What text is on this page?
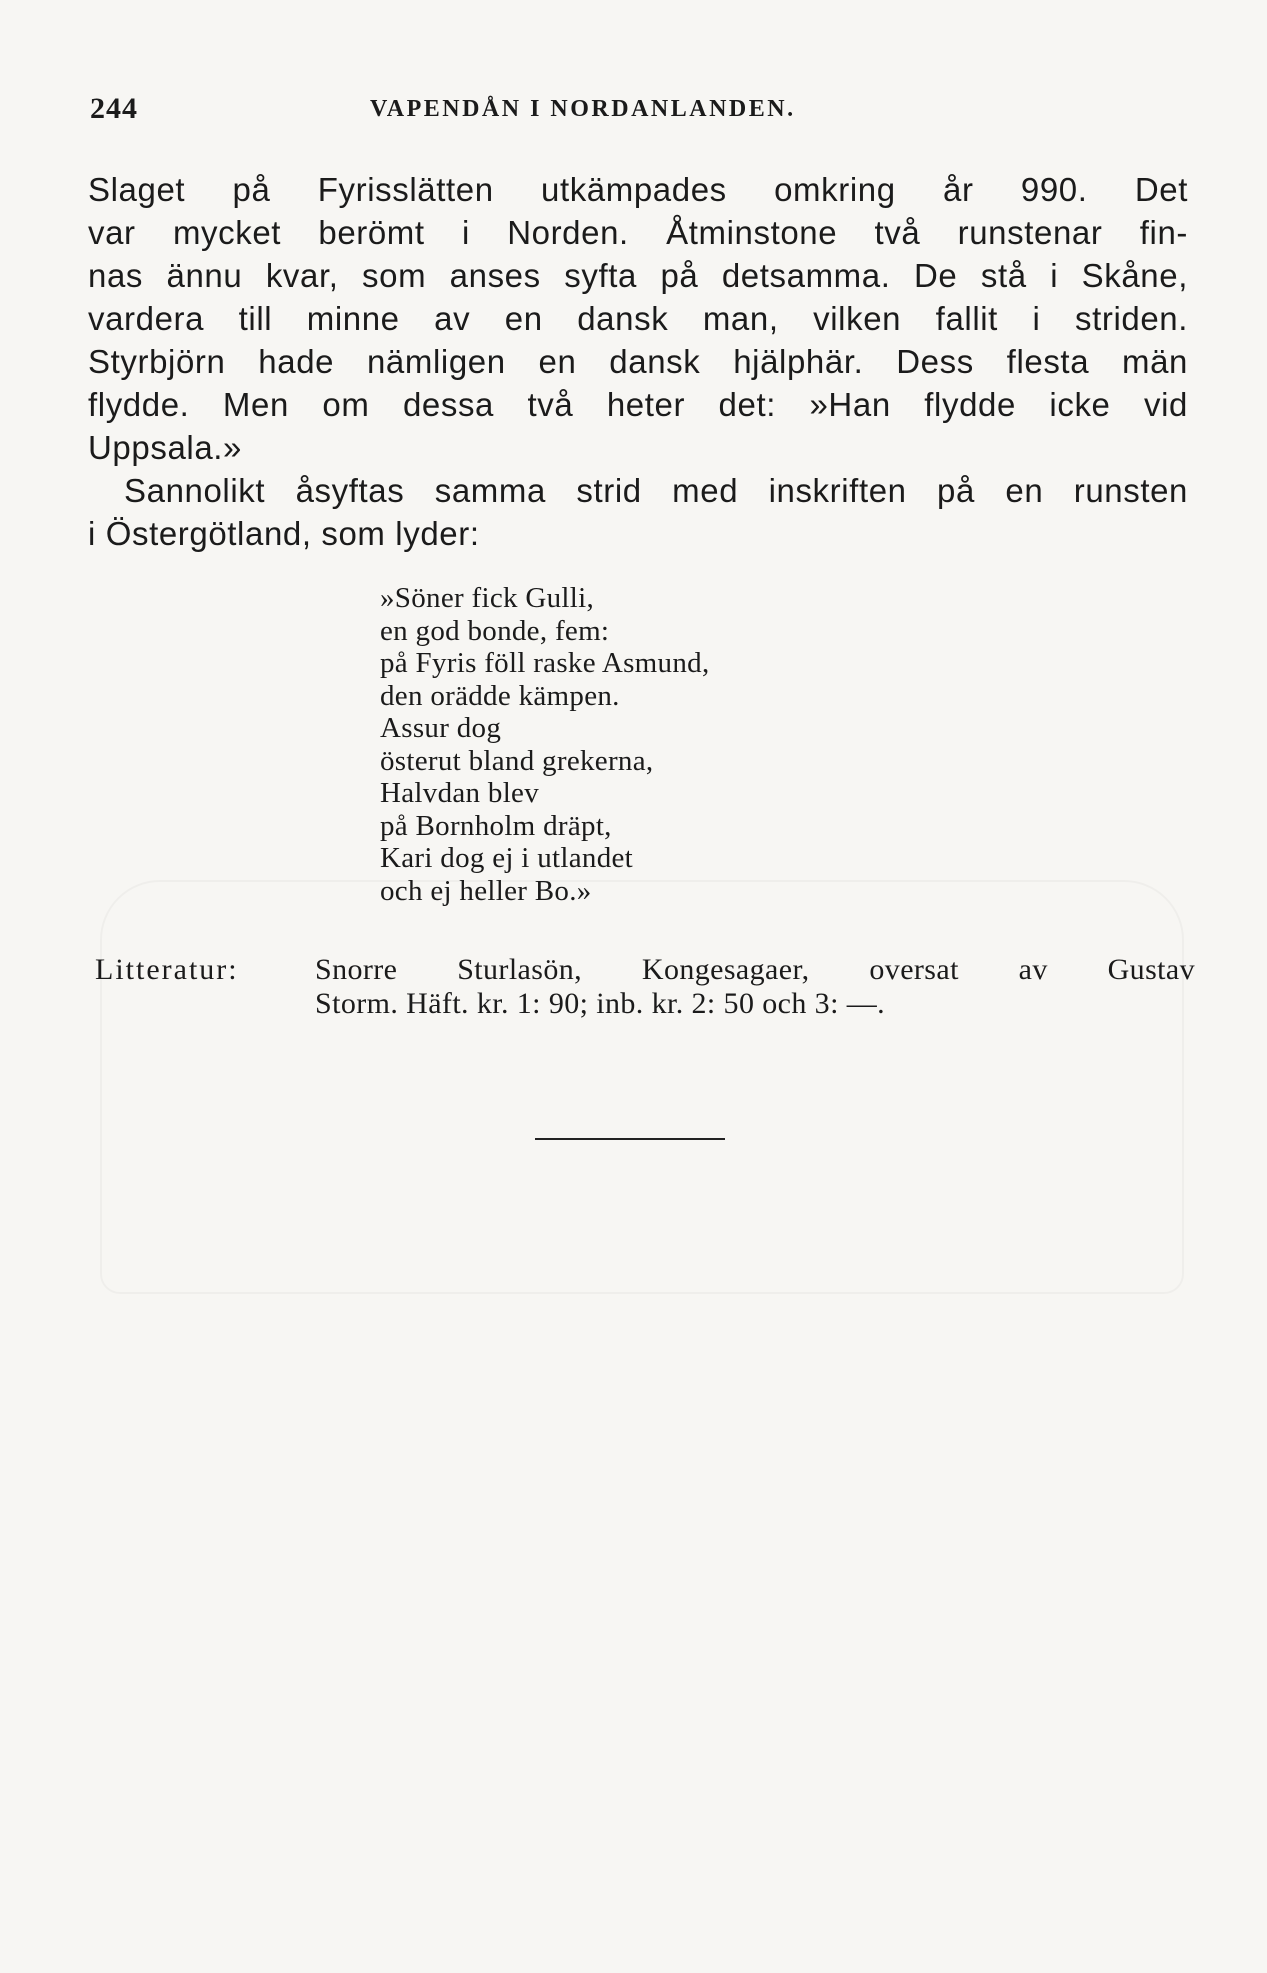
244	VAPENDÅN I NORDANLANDEN.

Slaget på Fyrisslätten utkämpades omkring år 990. Det
var mycket berömt i Norden. Åtminstone två runstenar fin-
nas ännu kvar, som anses syfta på detsamma. De stå i Skåne,
vardera till minne av en dansk man, vilken fallit i striden.
Styrbjörn hade nämligen en dansk hjälphär. Dess flesta män
flydde. Men om dessa två heter det: »Han flydde icke vid
Uppsala.»

Sannolikt åsyftas samma strid med inskriften på en runsten
i Östergötland, som lyder:

»Söner fick Gulli,
en god bonde, fem:
på Fyris föll raske Asmund,
den orädde kämpen.
Assur dog
österut bland grekerna,
Halvdan blev
på Bornholm dräpt,
Kari dog ej i utlandet
och ej heller Bo.»
Litteratur:	Snorre Sturlasön, Kongesagaer, oversat av Gustav
Storm. Häft. kr. 1: 90; inb. kr. 2: 50 och 3: —.
